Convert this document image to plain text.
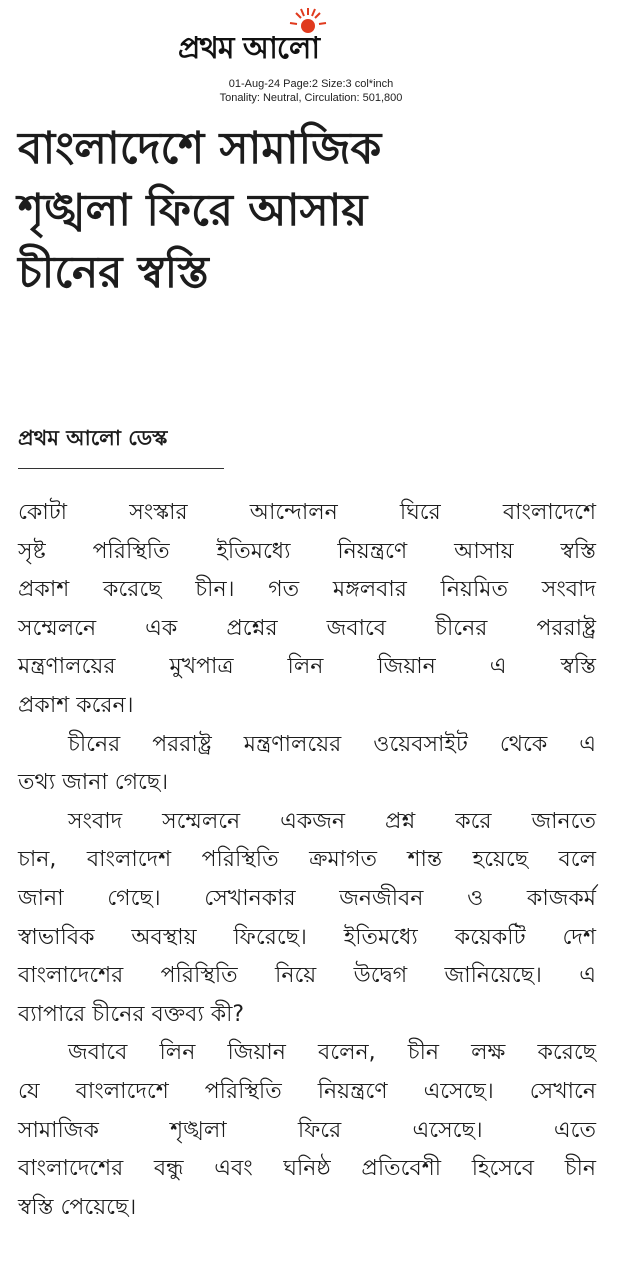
প্রথম আলো
01-Aug-24 Page:2 Size:3 col*inch
Tonality: Neutral, Circulation: 501,800
বাংলাদেশে সামাজিক
শৃঙ্খলা ফিরে আসায়
চীনের স্বস্তি
প্রথম আলো ডেস্ক

কোটা সংস্কার আন্দোলন ঘিরে বাংলাদেশে
সৃষ্ট পরিস্থিতি ইতিমধ্যে নিয়ন্ত্রণে আসায় স্বস্তি
প্রকাশ করেছে চীন। গত মঙ্গলবার নিয়মিত সংবাদ
সম্মেলনে এক প্রশ্নের জবাবে চীনের পররাষ্ট্র
মন্ত্রণালয়ের মুখপাত্র লিন জিয়ান এ স্বস্তি
প্রকাশ করেন।

চীনের পররাষ্ট্র মন্ত্রণালয়ের ওয়েবসাইট থেকে এ
তথ্য জানা গেছে।

সংবাদ সম্মেলনে একজন প্রশ্ন করে জানতে
চান, বাংলাদেশ পরিস্থিতি ক্রমাগত শান্ত হয়েছে বলে
জানা গেছে। সেখানকার জনজীবন ও কাজকর্ম
স্বাভাবিক অবস্থায় ফিরেছে। ইতিমধ্যে কয়েকটি দেশ
বাংলাদেশের পরিস্থিতি নিয়ে উদ্বেগ জানিয়েছে। এ
ব্যাপারে চীনের বক্তব্য কী?

জবাবে লিন জিয়ান বলেন, চীন লক্ষ করেছে
যে বাংলাদেশে পরিস্থিতি নিয়ন্ত্রণে এসেছে। সেখানে
সামাজিক শৃঙ্খলা ফিরে এসেছে। এতে
বাংলাদেশের বন্ধু এবং ঘনিষ্ঠ প্রতিবেশী হিসেবে চীন
স্বস্তি পেয়েছে।
